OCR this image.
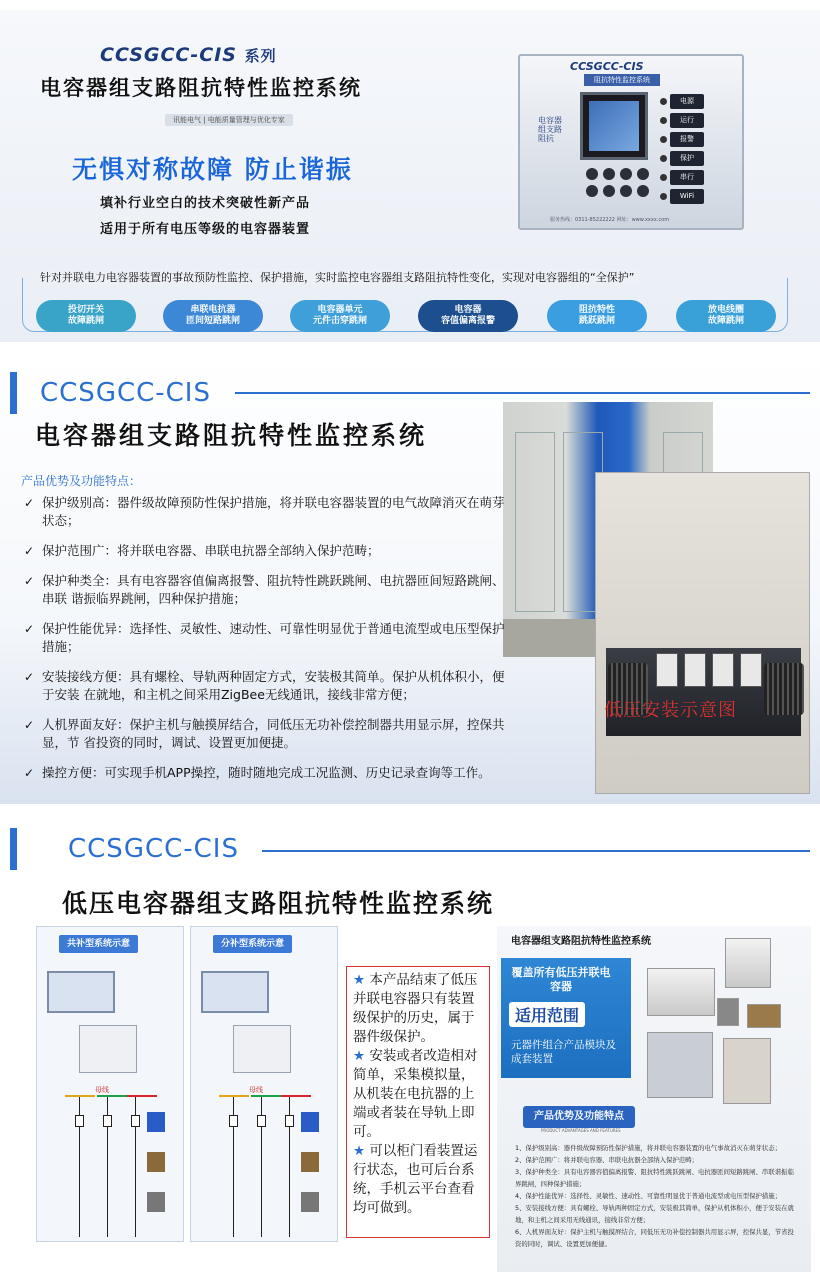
CCSGCC-CIS 系列
电容器组支路阻抗特性监控系统
讯能电气 | 电能质量管理与优化专家
无惧对称故障 防止谐振
填补行业空白的技术突破性新产品
适用于所有电压等级的电容器装置
CCSGCC-CIS
阻抗特性监控系统
电容器组支路阻抗
电源
运行
报警
保护
串行
WiFi
服务热线：0311-85222222 网址：www.xxxx.com
针对并联电力电容器装置的事故预防性监控、保护措施，实时监控电容器组支路阻抗特性变化，实现对电容器组的“全保护”
投切开关
故障跳闸
串联电抗器
匝间短路跳闸
电容器单元
元件击穿跳闸
电容器
容值偏离报警
阻抗特性
跳跃跳闸
放电线圈
故障跳闸
CCSGCC-CIS
电容器组支路阻抗特性监控系统
产品优势及功能特点：
低压安装示意图
✓ 保护级别高：器件级故障预防性保护措施，将并联电容器装置的电气故障消灭在萌芽状态；
✓ 保护范围广：将并联电容器、串联电抗器全部纳入保护范畴；
✓ 保护种类全：具有电容器容值偏离报警、阻抗特性跳跃跳闸、电抗器匝间短路跳闸、串联 谐振临界跳闸，四种保护措施；
✓ 保护性能优异：选择性、灵敏性、速动性、可靠性明显优于普通电流型或电压型保护措施；
✓ 安装接线方便：具有螺栓、导轨两种固定方式，安装极其简单。保护从机体积小，便于安装 在就地，和主机之间采用ZigBee无线通讯，接线非常方便；
✓ 人机界面友好：保护主机与触摸屏结合，同低压无功补偿控制器共用显示屏，控保共显，节 省投资的同时，调试、设置更加便捷。
✓ 操控方便：可实现手机APP操控，随时随地完成工况监测、历史记录查询等工作。
CCSGCC-CIS
低压电容器组支路阻抗特性监控系统
共补型系统示意
母线
分补型系统示意
母线
★ 本产品结束了低压并联电容器只有装置级保护的历史，属于器件级保护。
★ 安装或者改造相对简单，采集模拟量，从机装在电抗器的上端或者装在导轨上即可。
★ 可以柜门看装置运行状态，也可后台系统，手机云平台查看均可做到。
电容器组支路阻抗特性监控系统
覆盖所有低压并联电容器
适用范围
元器件组合产品模块及成套装置
产品优势及功能特点
PRODUCT ADVANTAGES AND FEATURES
1、保护级别高：器件级故障预防性保护措施，将并联电容器装置的电气事故消灭在萌芽状态；
2、保护范围广：将并联电容器、串联电抗器全部纳入保护范畴；
3、保护种类全：具有电容器容值偏离报警、阻抗特性跳跃跳闸、电抗器匝间短路跳闸、串联谐振临界跳闸，四种保护措施；
4、保护性能优异：选择性、灵敏性、速动性、可靠性明显优于普通电流型或电压型保护措施；
5、安装接线方便：具有螺栓、导轨两种固定方式，安装极其简单，保护从机体积小，便于安装在就地，和主机之间采用无线通讯，接线非常方便；
6、人机界面友好：保护主机与触摸屏结合，同低压无功补偿控制器共用显示屏，控保共显，节省投资的同时，调试、设置更加便捷。
